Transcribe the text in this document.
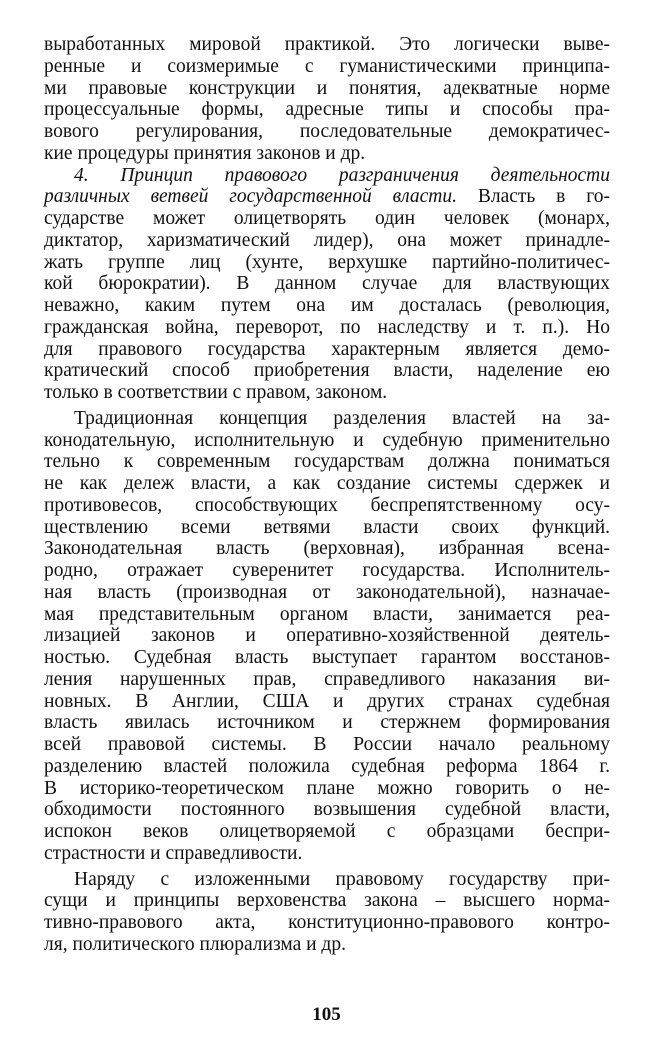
выработанных мировой практикой. Это логически выве-
ренные и соизмеримые с гуманистическими принципа-
ми правовые конструкции и понятия, адекватные норме
процессуальные формы, адресные типы и способы пра-
вового регулирования, последовательные демократичес-
кие процедуры принятия законов и др.
4. Принцип правового разграничения деятельности
различных ветвей государственной власти. Власть в го-
сударстве может олицетворять один человек (монарх,
диктатор, харизматический лидер), она может принадле-
жать группе лиц (хунте, верхушке партийно-политичес-
кой бюрократии). В данном случае для властвующих
неважно, каким путем она им досталась (революция,
гражданская война, переворот, по наследству и т. п.). Но
для правового государства характерным является демо-
кратический способ приобретения власти, наделение ею
только в соответствии с правом, законом.
Традиционная концепция разделения властей на за-
конодательную, исполнительную и судебную применительно
тельно к современным государствам должна пониматься
не как дележ власти, а как создание системы сдержек и
противовесов, способствующих беспрепятственному осу-
ществлению всеми ветвями власти своих функций.
Законодательная власть (верховная), избранная всена-
родно, отражает суверенитет государства. Исполнитель-
ная власть (производная от законодательной), назначае-
мая представительным органом власти, занимается реа-
лизацией законов и оперативно-хозяйственной деятель-
ностью. Судебная власть выступает гарантом восстанов-
ления нарушенных прав, справедливого наказания ви-
новных. В Англии, США и других странах судебная
власть явилась источником и стержнем формирования
всей правовой системы. В России начало реальному
разделению властей положила судебная реформа 1864 г.
В историко-теоретическом плане можно говорить о не-
обходимости постоянного возвышения судебной власти,
испокон веков олицетворяемой с образцами беспри-
страстности и справедливости.
Наряду с изложенными правовому государству при-
сущи и принципы верховенства закона – высшего норма-
тивно-правового акта, конституционно-правового контро-
ля, политического плюрализма и др.
105
